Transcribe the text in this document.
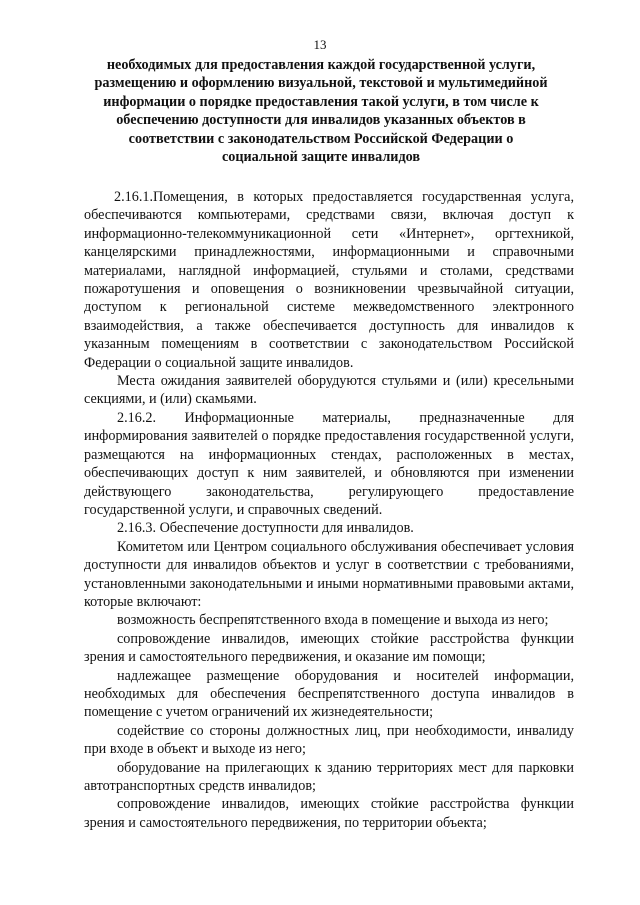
13
необходимых для предоставления каждой государственной услуги,
размещению и оформлению визуальной, текстовой и мультимедийной
информации о порядке предоставления такой услуги, в том числе к
обеспечению доступности для инвалидов указанных объектов в
соответствии с законодательством Российской Федерации о
социальной защите инвалидов

2.16.1.Помещения, в которых предоставляется государственная услуга, обеспечиваются компьютерами, средствами связи, включая доступ к информационно-телекоммуникационной сети «Интернет», оргтехникой, канцелярскими принадлежностями, информационными и справочными материалами, наглядной информацией, стульями и столами, средствами пожаротушения и оповещения о возникновении чрезвычайной ситуации, доступом к региональной системе межведомственного электронного взаимодействия, а также обеспечивается доступность для инвалидов к указанным помещениям в соответствии с законодательством Российской Федерации о социальной защите инвалидов.

Места ожидания заявителей оборудуются стульями и (или) кресельными секциями, и (или) скамьями.

2.16.2. Информационные материалы, предназначенные для информирования заявителей о порядке предоставления государственной услуги, размещаются на информационных стендах, расположенных в местах, обеспечивающих доступ к ним заявителей, и обновляются при изменении действующего законодательства, регулирующего предоставление государственной услуги, и справочных сведений.

2.16.3. Обеспечение доступности для инвалидов.

Комитетом или Центром социального обслуживания обеспечивает условия доступности для инвалидов объектов и услуг в соответствии с требованиями, установленными законодательными и иными нормативными правовыми актами, которые включают:

возможность беспрепятственного входа в помещение и выхода из него;

сопровождение инвалидов, имеющих стойкие расстройства функции зрения и самостоятельного передвижения, и оказание им помощи;

надлежащее размещение оборудования и носителей информации, необходимых для обеспечения беспрепятственного доступа инвалидов в помещение с учетом ограничений их жизнедеятельности;

содействие со стороны должностных лиц, при необходимости, инвалиду при входе в объект и выходе из него;

оборудование на прилегающих к зданию территориях мест для парковки автотранспортных средств инвалидов;

сопровождение инвалидов, имеющих стойкие расстройства функции зрения и самостоятельного передвижения, по территории объекта;
